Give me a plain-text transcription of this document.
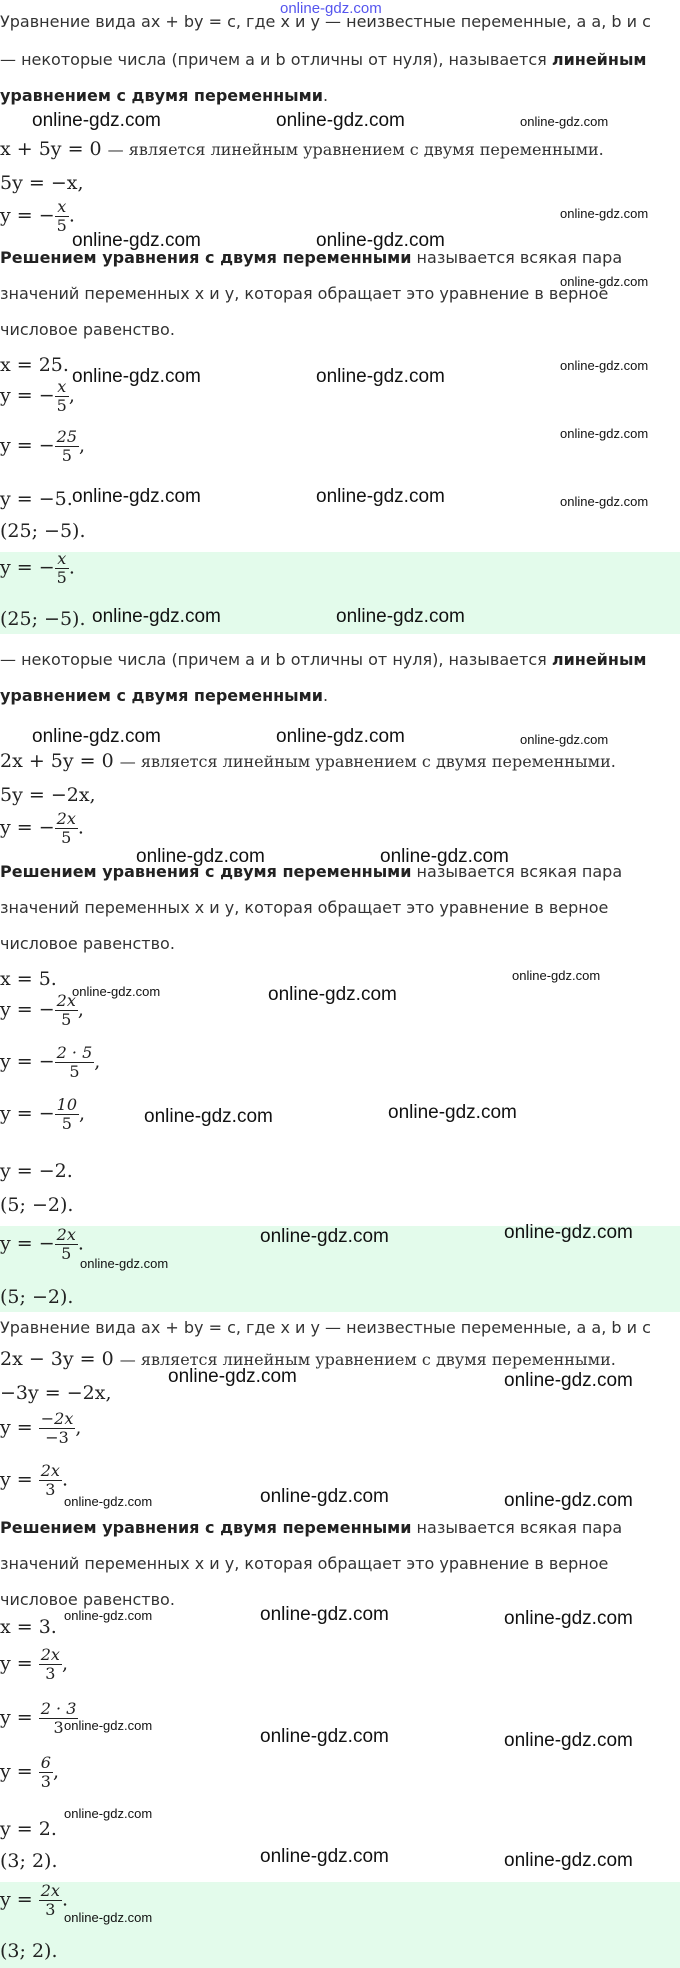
online-gdz.com
Уравнение вида ax + by = c, где x и y — неизвестные переменные, а a, b и c
— некоторые числа (причем a и b отличны от нуля), называется линейным
уравнением с двумя переменными.
x + 5y = 0 — является линейным уравнением с двумя переменными.
5y = −x,
y = − $\frac{x}{5}$ .
Решением уравнения с двумя переменными называется всякая пара
значений переменных x и y, которая обращает это уравнение в верное
числовое равенство.
x = 25.
y = − $\frac{x}{5}$ ,
y = − $\frac{25}{5}$ ,
y = −5.
(25; −5).
y = − $\frac{x}{5}$ .
(25; −5).
— некоторые числа (причем a и b отличны от нуля), называется линейным
уравнением с двумя переменными.
2x + 5y = 0 — является линейным уравнением с двумя переменными.
5y = −2x,
y = − $\frac{2x}{5}$ .
Решением уравнения с двумя переменными называется всякая пара
значений переменных x и y, которая обращает это уравнение в верное
числовое равенство.
x = 5.
y = − $\frac{2x}{5}$ ,
y = − $\frac{2 \cdot 5}{5}$ ,
y = − $\frac{10}{5}$ ,
y = −2.
(5; −2).
y = − $\frac{2x}{5}$ .
(5; −2).
Уравнение вида ax + by = c, где x и y — неизвестные переменные, а a, b и c
2x − 3y = 0 — является линейным уравнением с двумя переменными.
−3y = −2x,
$y = \frac{-2x}{-3}$ ,
$y = \frac{2x}{3}$ .
Решением уравнения с двумя переменными называется всякая пара
значений переменных x и y, которая обращает это уравнение в верное
числовое равенство.
x = 3.
$y = \frac{2x}{3}$ ,
$y = \frac{2 \cdot 3}{3}$
$y = \frac{6}{3}$ ,
y = 2.
(3; 2).
$y = \frac{2x}{3}$ .
(3; 2).
online-gdz.com	online-gdz.com	online-gdz.com
online-gdz.com
online-gdz.com	online-gdz.com
online-gdz.com
online-gdz.com	online-gdz.com
online-gdz.com
online-gdz.com
online-gdz.com	online-gdz.com	online-gdz.com
online-gdz.com	online-gdz.com
online-gdz.com	online-gdz.com	online-gdz.com
online-gdz.com	online-gdz.com
online-gdz.com	online-gdz.com
online-gdz.com
online-gdz.com	online-gdz.com
online-gdz.com	online-gdz.com
online-gdz.com
online-gdz.com	online-gdz.com
online-gdz.com	online-gdz.com	online-gdz.com
online-gdz.com	online-gdz.com	online-gdz.com
online-gdz.com
online-gdz.com	online-gdz.com
online-gdz.com
online-gdz.com	online-gdz.com
online-gdz.com
